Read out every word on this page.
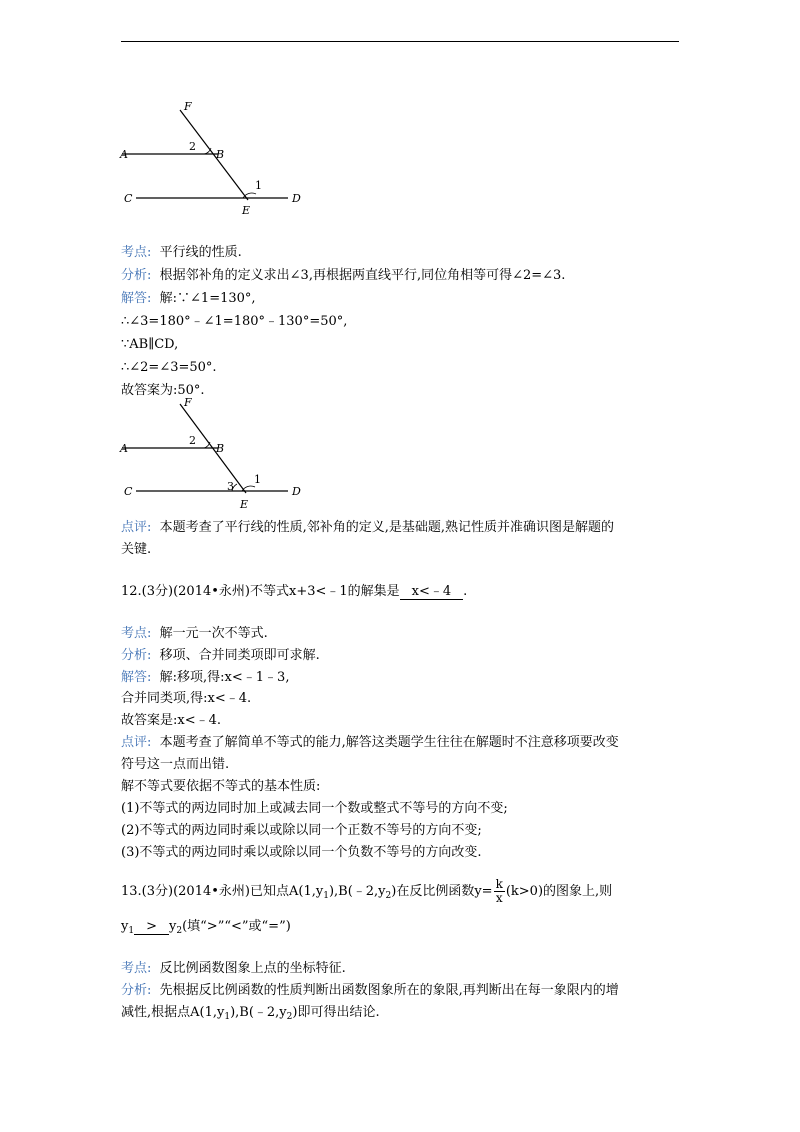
F
A	B
C
E
D
1
2
考点: 平行线的性质.
分析: 根据邻补角的定义求出∠3,再根据两直线平行,同位角相等可得∠2=∠3.
解答: 解:∵∠1=130°,
∴∠3=180°﹣∠1=180°﹣130°=50°,
∵AB∥CD,
∴∠2=∠3=50°.
故答案为:50°.
F
A	B
C
E
D
1
2
3
点评: 本题考查了平行线的性质,邻补角的定义,是基础题,熟记性质并准确识图是解题的
关键.
12.(3分)(2014•永州)不等式x+3<﹣1的解集是 x<﹣4 .
考点: 解一元一次不等式.
分析: 移项、合并同类项即可求解.
解答: 解:移项,得:x<﹣1﹣3,
合并同类项,得:x<﹣4.
故答案是:x<﹣4.
点评: 本题考查了解简单不等式的能力,解答这类题学生往往在解题时不注意移项要改变
符号这一点而出错.
解不等式要依据不等式的基本性质:
(1)不等式的两边同时加上或减去同一个数或整式不等号的方向不变;
(2)不等式的两边同时乘以或除以同一个正数不等号的方向不变;
(3)不等式的两边同时乘以或除以同一个负数不等号的方向改变.
13.(3分)(2014•永州)已知点$A(1,y_1),B(﹣2,y_2)$在反比例函数$y= \frac{k}{x} (k>0)$的图象上,则
$y_1 > y_2$(填“>”“<”或“=”)
考点: 反比例函数图象上点的坐标特征.
分析: 先根据反比例函数的性质判断出函数图象所在的象限,再判断出在每一象限内的增
减性,根据点$A(1,y_1),B(﹣2,y_2)$即可得出结论.
